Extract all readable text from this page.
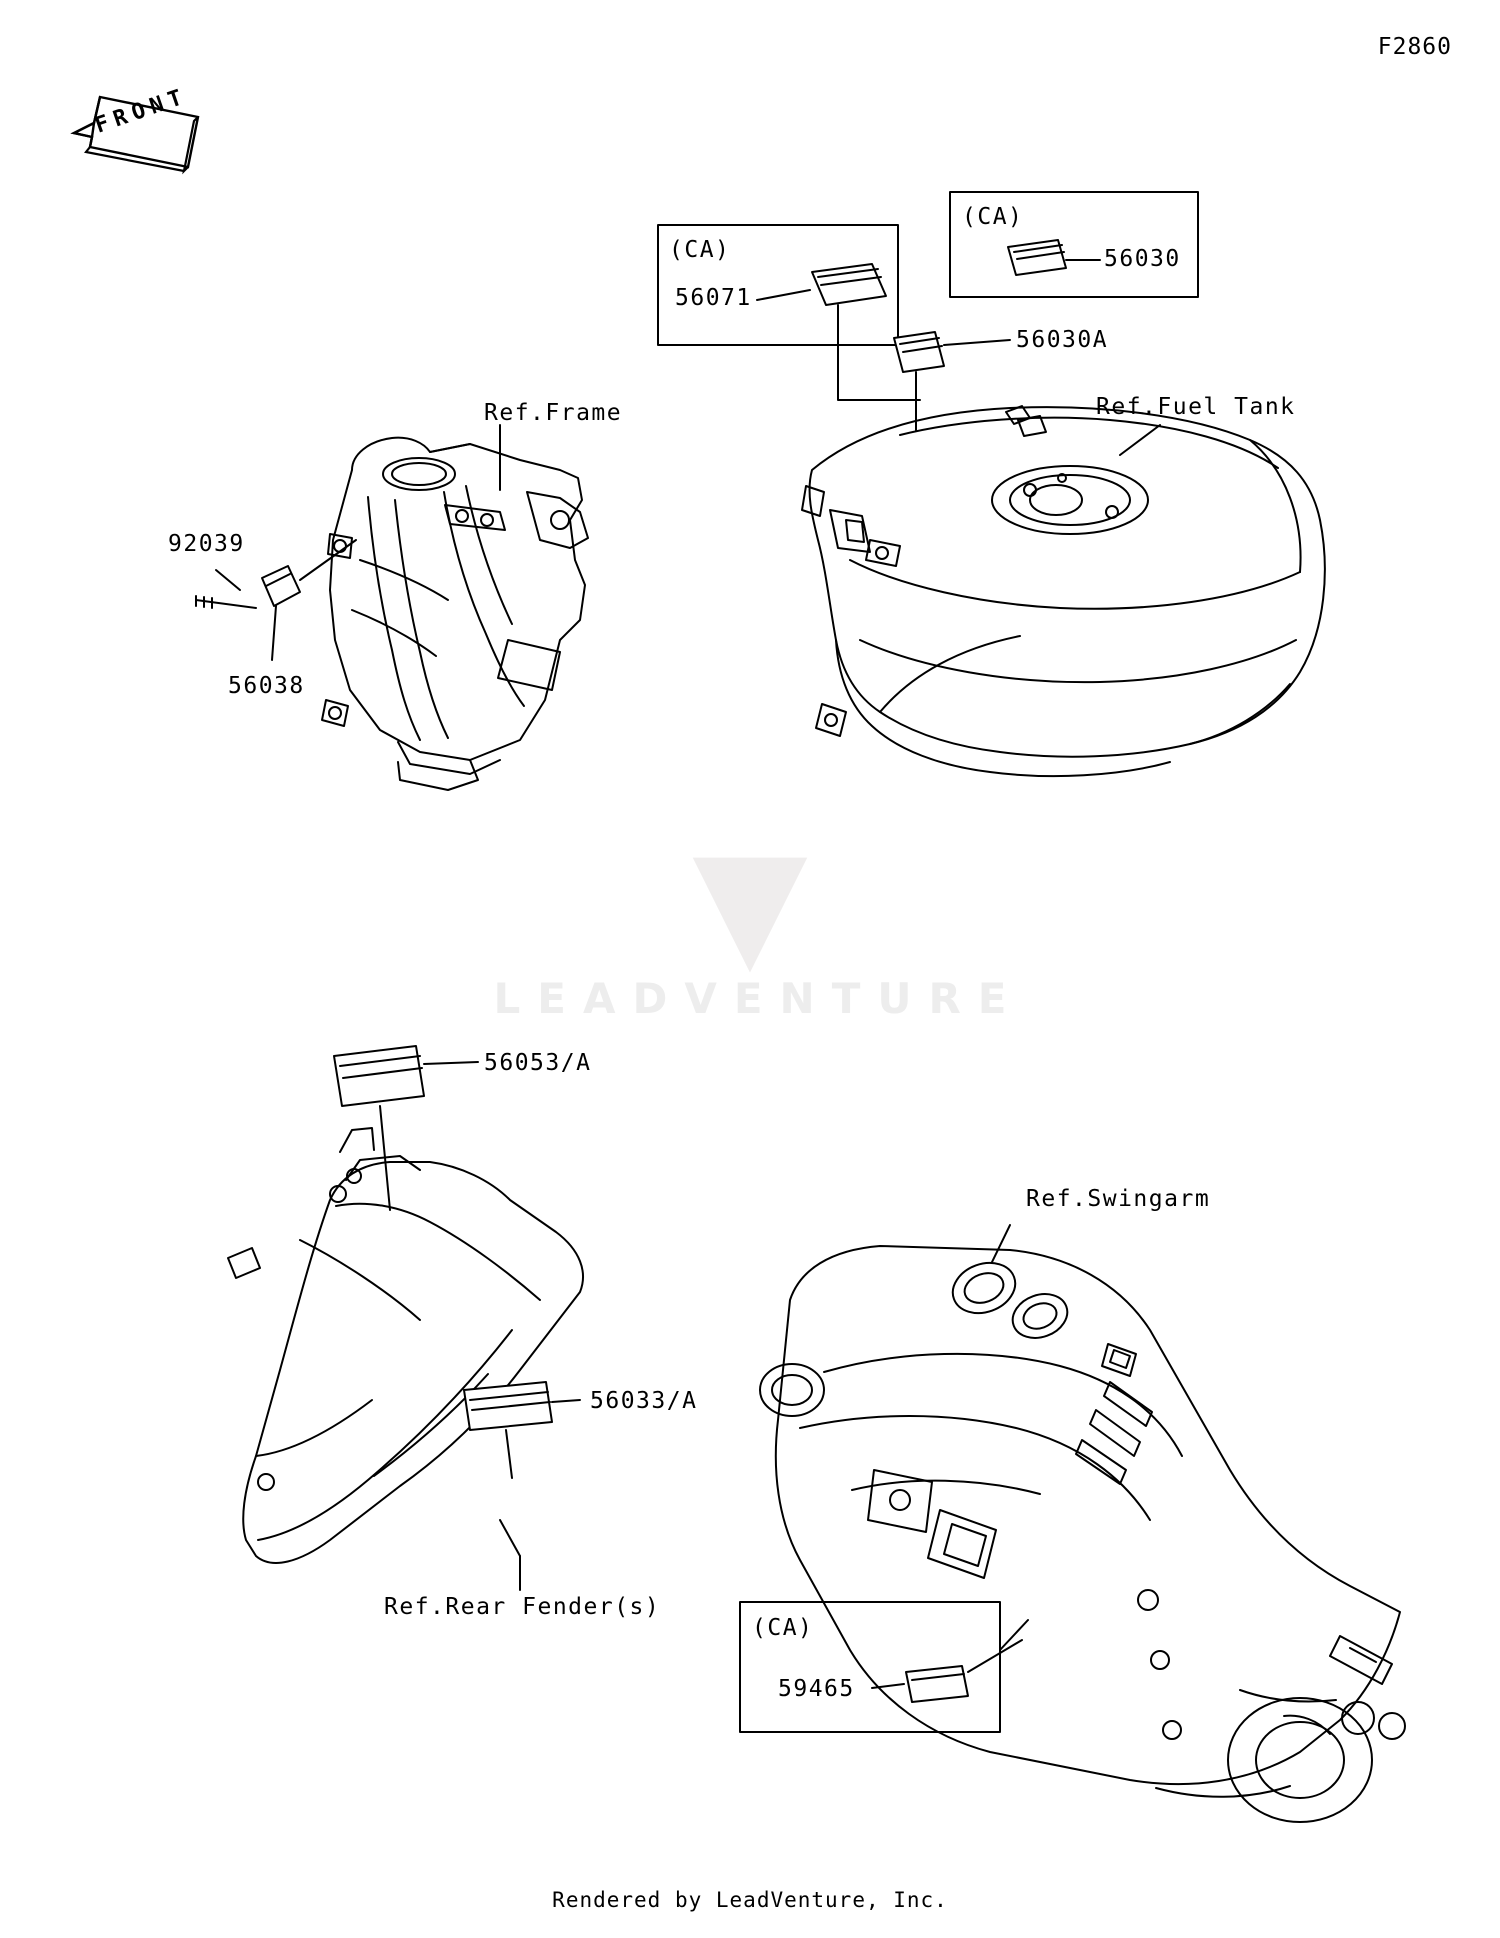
F2860
FRONT
(CA)
(CA)
(CA)
56071
56030
56030A
92039
56038
Ref.Frame	Ref.Fuel Tank
56053/A
56033/A
Ref.Rear Fender(s)
Ref.Swingarm
59465
▼
LEADVENTURE
Rendered by LeadVenture, Inc.
